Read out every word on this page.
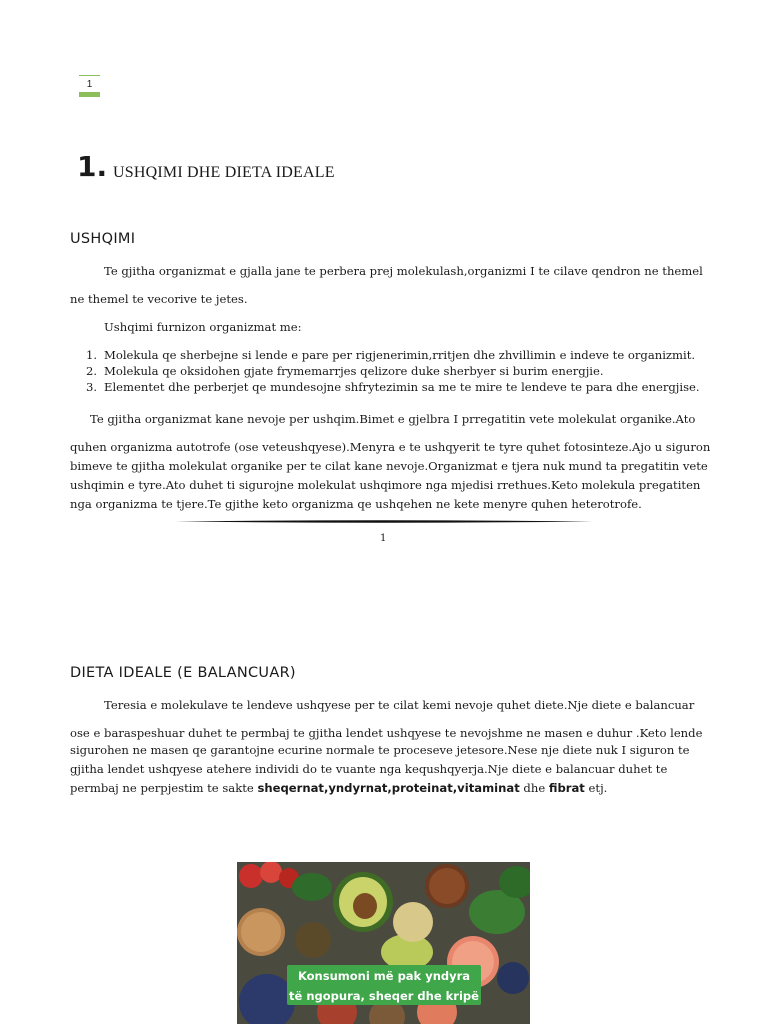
1
1. USHQIMI DHE DIETA IDEALE
USHQIMI
Te gjitha organizmat e gjalla jane te perbera prej molekulash,organizmi I te cilave qendron ne themel
ne themel te vecorive te jetes.
Ushqimi furnizon organizmat me:
1. Molekula qe sherbejne si lende e pare per rigjenerimin,rritjen dhe zhvillimin e indeve te organizmit.
2. Molekula qe oksidohen gjate frymemarrjes qelizore duke sherbyer si burim energjie.
3. Elementet dhe perberjet qe mundesojne shfrytezimin sa me te mire te lendeve te para dhe energjise.
Te gjitha organizmat kane nevoje per ushqim.Bimet e gjelbra I prregatitin vete molekulat organike.Ato
quhen organizma autotrofe (ose veteushqyese).Menyra e te ushqyerit te tyre quhet fotosinteze.Ajo u siguron
bimeve te gjitha molekulat organike per te cilat kane nevoje.Organizmat e tjera nuk mund ta pregatitin vete
ushqimin e tyre.Ato duhet ti sigurojne molekulat ushqimore nga mjedisi rrethues.Keto molekula pregatiten
nga organizma te tjere.Te gjithe keto organizma qe ushqehen ne kete menyre quhen heterotrofe.
1
DIETA IDEALE (E BALANCUAR)
Teresia e molekulave te lendeve ushqyese per te cilat kemi nevoje quhet diete.Nje diete e balancuar
ose e baraspeshuar duhet te permbaj te gjitha lendet ushqyese te nevojshme ne masen e duhur .Keto lende
sigurohen ne masen qe garantojne ecurine normale te proceseve jetesore.Nese nje diete nuk I siguron te
gjitha lendet ushqyese atehere individi do te vuante nga kequshqyerja.Nje diete e balancuar duhet te
permbaj ne perpjestim te sakte sheqernat,yndyrnat,proteinat,vitaminat dhe fibrat etj.
Konsumoni më pak yndyra
të ngopura, sheqer dhe kripë
